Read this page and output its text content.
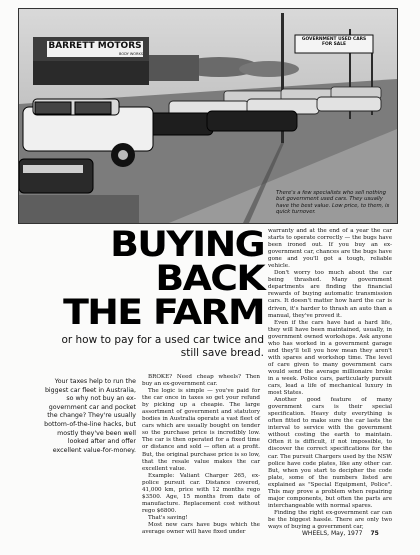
BARRETT MOTORS
BODY WORKS
GOVERNMENT USED CARS FOR SALE
There's a few specialists who sell nothing but government used cars. They usually have the best value. Low price, to them, is quick turnover.
BUYING
BACK
THE FARM
or how to pay for a used car twice and still save bread.
Your taxes help to run the biggest car fleet in Australia, so why not buy an ex-government car and pocket the change? They're usually bottom-of-the-line hacks, but mostly they've been well looked after and offer excellent value-for-money.

BROKE? Need cheap wheels? Then buy an ex-government car.

The logic is simple — you've paid for the car once in taxes so get your refund by picking up a cheapie. The large assortment of government and statutory bodies in Australia operate a vast fleet of cars which are usually bought on tender so the purchase price is incredibly low. The car is then operated for a fixed time or distance and sold — often at a profit. But, the original purchase price is so low, that the resale value makes the car excellent value.

Example: Valiant Charger 265, ex-police pursuit car. Distance covered, 41,000 km, price with 12 months rego $3500. Age, 15 months from date of manufacture. Replacement cost without rego $6800.

That's saving!

Most new cars have bugs which the average owner will have fixed under

warranty and at the end of a year the car starts to operate correctly — the bugs have been ironed out. If you buy an ex-government car, chances are the bugs have gone and you'll got a tough, reliable vehicle.

Don't worry too much about the car being thrashed. Many government departments are finding the financial rewards of buying automatic transmission cars. It doesn't matter how hard the car is driven, it's harder to thrash an auto than a manual, they've proved it.

Even if the cars have had a hard life, they will have been maintained, usually, in government owned workshops. Ask anyone who has worked in a government garage and they'll tell you how mean they aren't with spares and workshop time. The level of care given to many government cars would send the average millionaire broke in a week. Police cars, particularly pursuit cars, lead a life of mechanical luxury in most States.

Another good feature of many government cars is their special specification. Heavy duty everything is often fitted to make sure the car lasts the interval to service with the government without costing the earth to maintain. Often it is difficult, if not impossible, to discover the correct specifications for the car. The pursuit Chargers used by the NSW police have code plates, like any other car. But, when you start to decipher the code plate, some of the numbers listed are explained as "Special Equipment, Police". This may prove a problem when repairing major components, but often the parts are interchangeable with normal spares.

Finding the right ex-government car can be the biggest hassle. There are only two ways of buying a government car,

WHEELS, May, 1977 75
